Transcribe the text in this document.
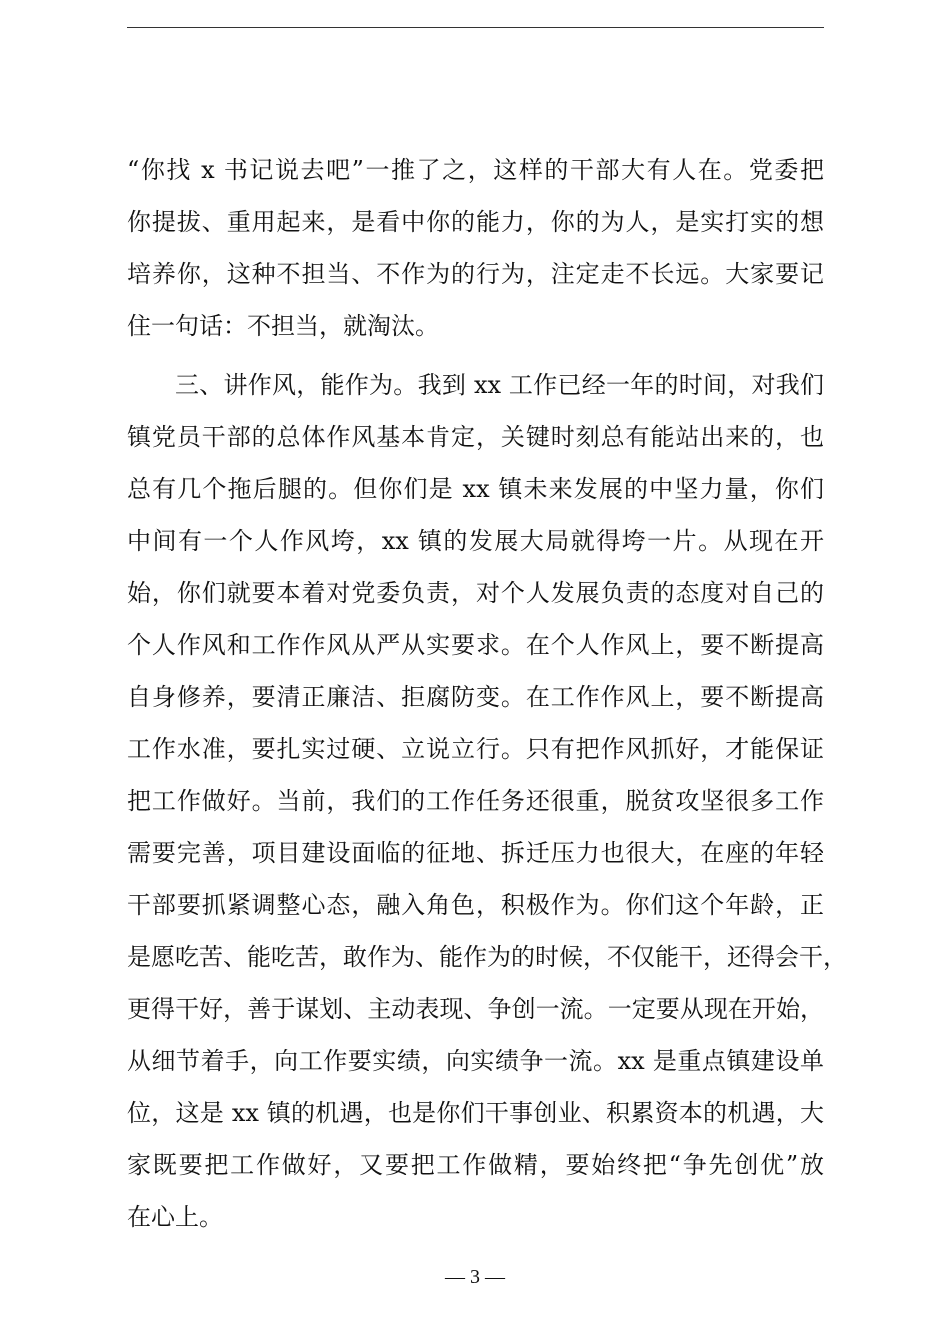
“你找 x 书记说去吧”一推了之，这样的干部大有人在。党委把
你提拔、重用起来，是看中你的能力，你的为人，是实打实的想
培养你，这种不担当、不作为的行为，注定走不长远。大家要记
住一句话：不担当，就淘汰。
三、讲作风，能作为。我到 xx 工作已经一年的时间，对我们
镇党员干部的总体作风基本肯定，关键时刻总有能站出来的，也
总有几个拖后腿的。但你们是 xx 镇未来发展的中坚力量，你们
中间有一个人作风垮，xx 镇的发展大局就得垮一片。从现在开
始，你们就要本着对党委负责，对个人发展负责的态度对自己的
个人作风和工作作风从严从实要求。在个人作风上，要不断提高
自身修养，要清正廉洁、拒腐防变。在工作作风上，要不断提高
工作水准，要扎实过硬、立说立行。只有把作风抓好，才能保证
把工作做好。当前，我们的工作任务还很重，脱贫攻坚很多工作
需要完善，项目建设面临的征地、拆迁压力也很大，在座的年轻
干部要抓紧调整心态，融入角色，积极作为。你们这个年龄，正
是愿吃苦、能吃苦，敢作为、能作为的时候，不仅能干，还得会干，
更得干好，善于谋划、主动表现、争创一流。一定要从现在开始，
从细节着手，向工作要实绩，向实绩争一流。xx 是重点镇建设单
位，这是 xx 镇的机遇，也是你们干事创业、积累资本的机遇，大
家既要把工作做好，又要把工作做精，要始终把“争先创优”放
在心上。
— 3 —
